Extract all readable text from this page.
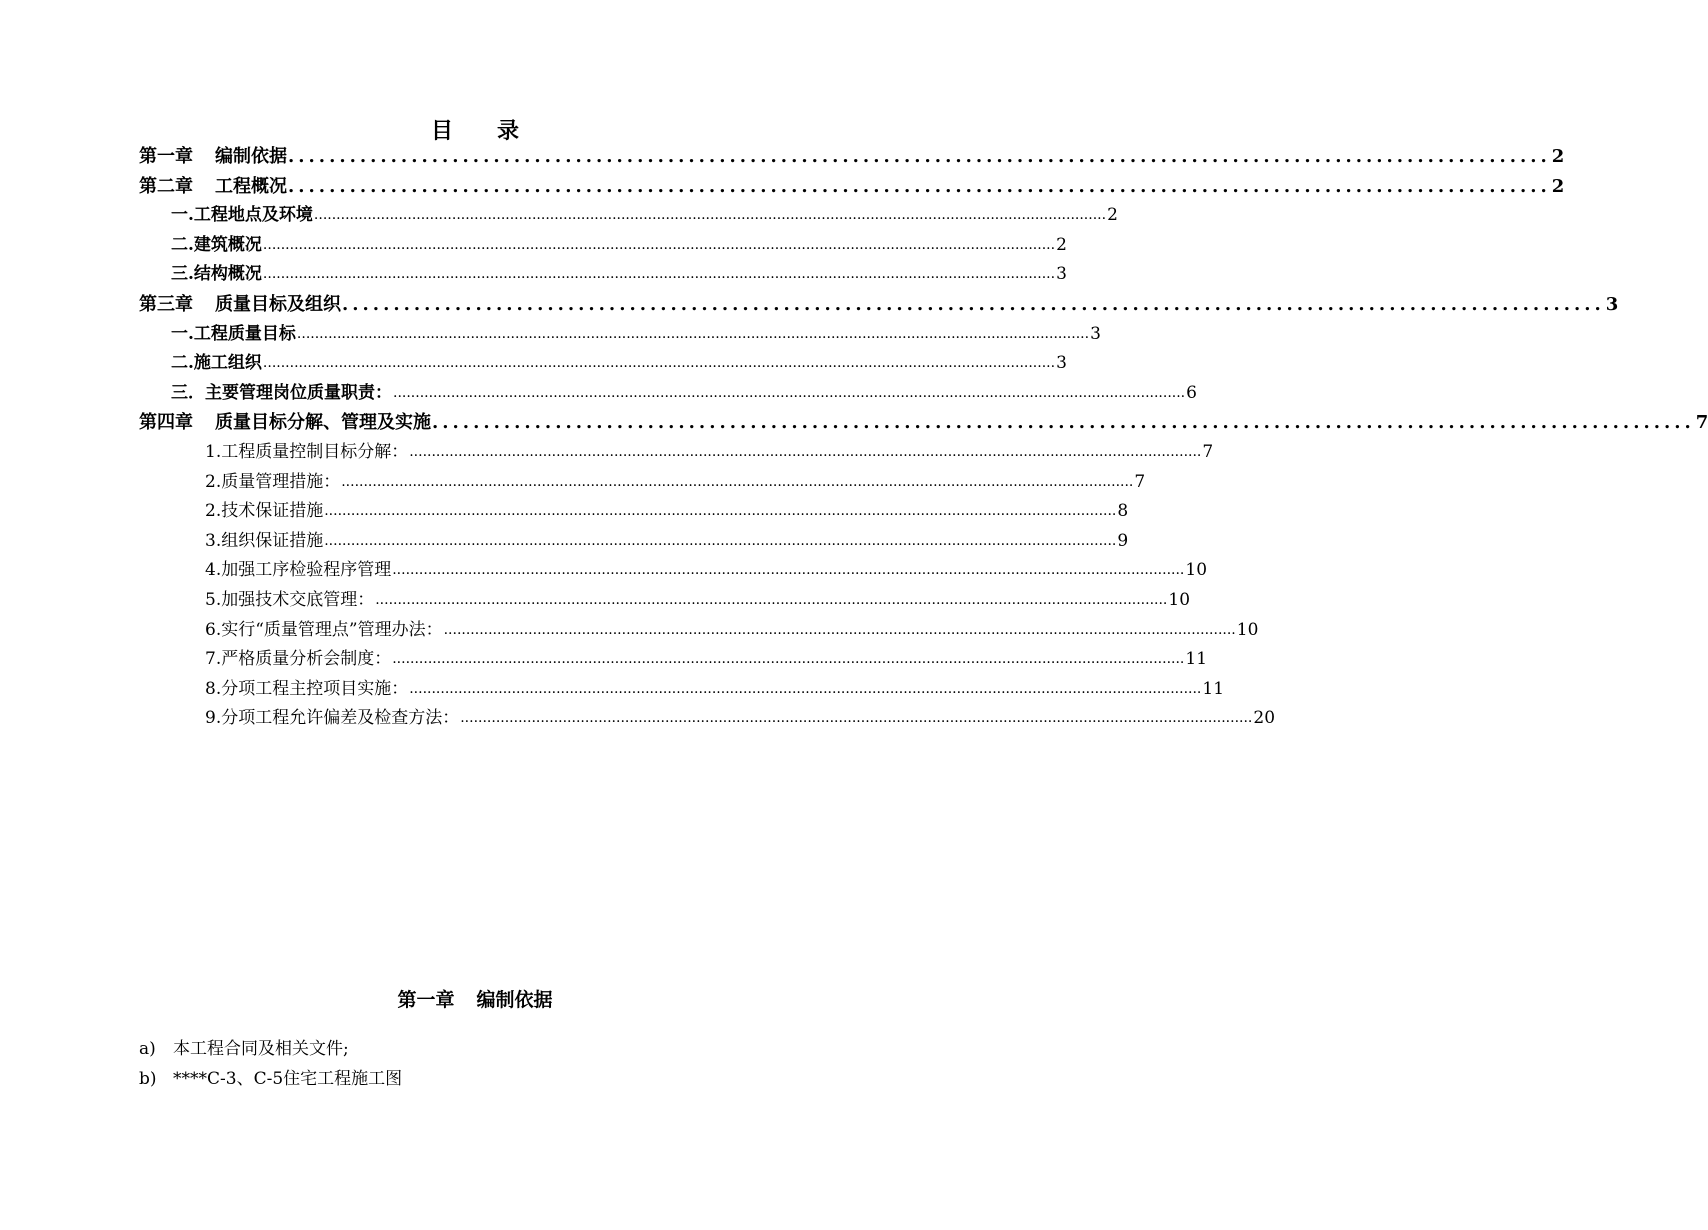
目 录
第一章 编制依据 ........................................................................................................................... 2
第二章 工程概况 ........................................................................................................................... 2
一.工程地点及环境 .................................................................................................................................................................................. 2
二.建筑概况 .................................................................................................................................................................................. 2
三.结构概况 .................................................................................................................................................................................. 3
第三章 质量目标及组织 ........................................................................................................................... 3
一.工程质量目标 .................................................................................................................................................................................. 3
二.施工组织 .................................................................................................................................................................................. 3
三．主要管理岗位质量职责： .................................................................................................................................................................................. 6
第四章 质量目标分解、管理及实施 ........................................................................................................................... 7
1.工程质量控制目标分解： .................................................................................................................................................................................. 7
2.质量管理措施： .................................................................................................................................................................................. 7
2.技术保证措施 .................................................................................................................................................................................. 8
3.组织保证措施 .................................................................................................................................................................................. 9
4.加强工序检验程序管理 .................................................................................................................................................................................. 10
5.加强技术交底管理： .................................................................................................................................................................................. 10
6.实行“质量管理点”管理办法： .................................................................................................................................................................................. 10
7.严格质量分析会制度： .................................................................................................................................................................................. 11
8.分项工程主控项目实施： .................................................................................................................................................................................. 11
9.分项工程允许偏差及检查方法： .................................................................................................................................................................................. 20
第一章 编制依据
a) 本工程合同及相关文件;
b) ****C-3、C-5住宅工程施工图
